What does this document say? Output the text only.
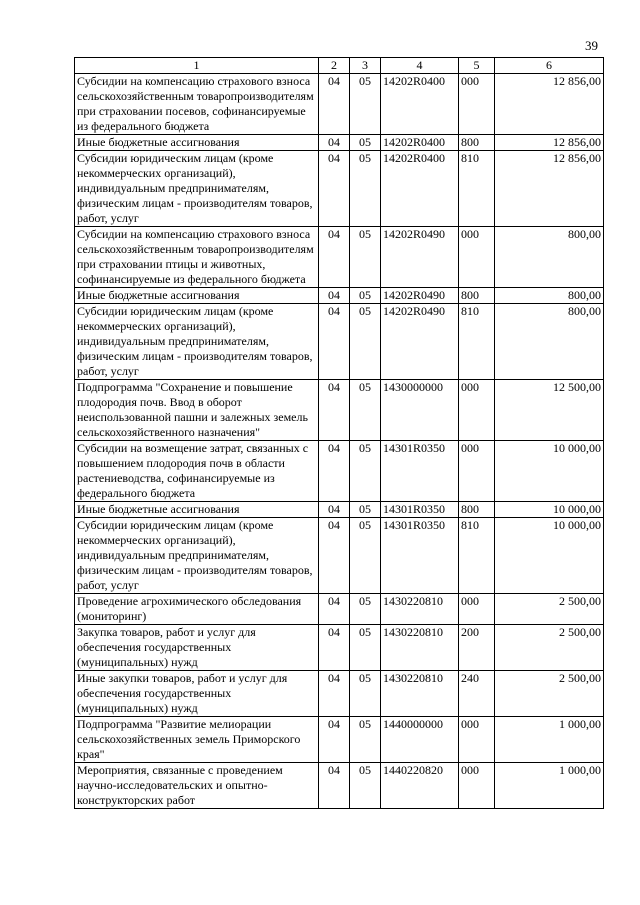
39
1	2	3	4	5	6
Субсидии на компенсацию страхового взноса сельскохозяйственным товаропроизводителям при страховании посевов, софинансируемые из федерального бюджета	04	05	14202R0400	000	12 856,00
Иные бюджетные ассигнования	04	05	14202R0400	800	12 856,00
Субсидии юридическим лицам (кроме некоммерческих организаций), индивидуальным предпринимателям, физическим лицам - производителям товаров, работ, услуг	04	05	14202R0400	810	12 856,00
Субсидии на компенсацию страхового взноса сельскохозяйственным товаропроизводителям при страховании птицы и животных, софинансируемые из федерального бюджета	04	05	14202R0490	000	800,00
Иные бюджетные ассигнования	04	05	14202R0490	800	800,00
Субсидии юридическим лицам (кроме некоммерческих организаций), индивидуальным предпринимателям, физическим лицам - производителям товаров, работ, услуг	04	05	14202R0490	810	800,00
Подпрограмма "Сохранение и повышение плодородия почв. Ввод в оборот неиспользованной пашни и залежных земель сельскохозяйственного назначения"	04	05	1430000000	000	12 500,00
Субсидии на возмещение затрат, связанных с повышением плодородия почв в области растениеводства, софинансируемые из федерального бюджета	04	05	14301R0350	000	10 000,00
Иные бюджетные ассигнования	04	05	14301R0350	800	10 000,00
Субсидии юридическим лицам (кроме некоммерческих организаций), индивидуальным предпринимателям, физическим лицам - производителям товаров, работ, услуг	04	05	14301R0350	810	10 000,00
Проведение агрохимического обследования (мониторинг)	04	05	1430220810	000	2 500,00
Закупка товаров, работ и услуг для обеспечения государственных (муниципальных) нужд	04	05	1430220810	200	2 500,00
Иные закупки товаров, работ и услуг для обеспечения государственных (муниципальных) нужд	04	05	1430220810	240	2 500,00
Подпрограмма "Развитие мелиорации сельскохозяйственных земель Приморского края"	04	05	1440000000	000	1 000,00
Мероприятия, связанные с проведением научно-исследовательских и опытно-конструкторских работ	04	05	1440220820	000	1 000,00
